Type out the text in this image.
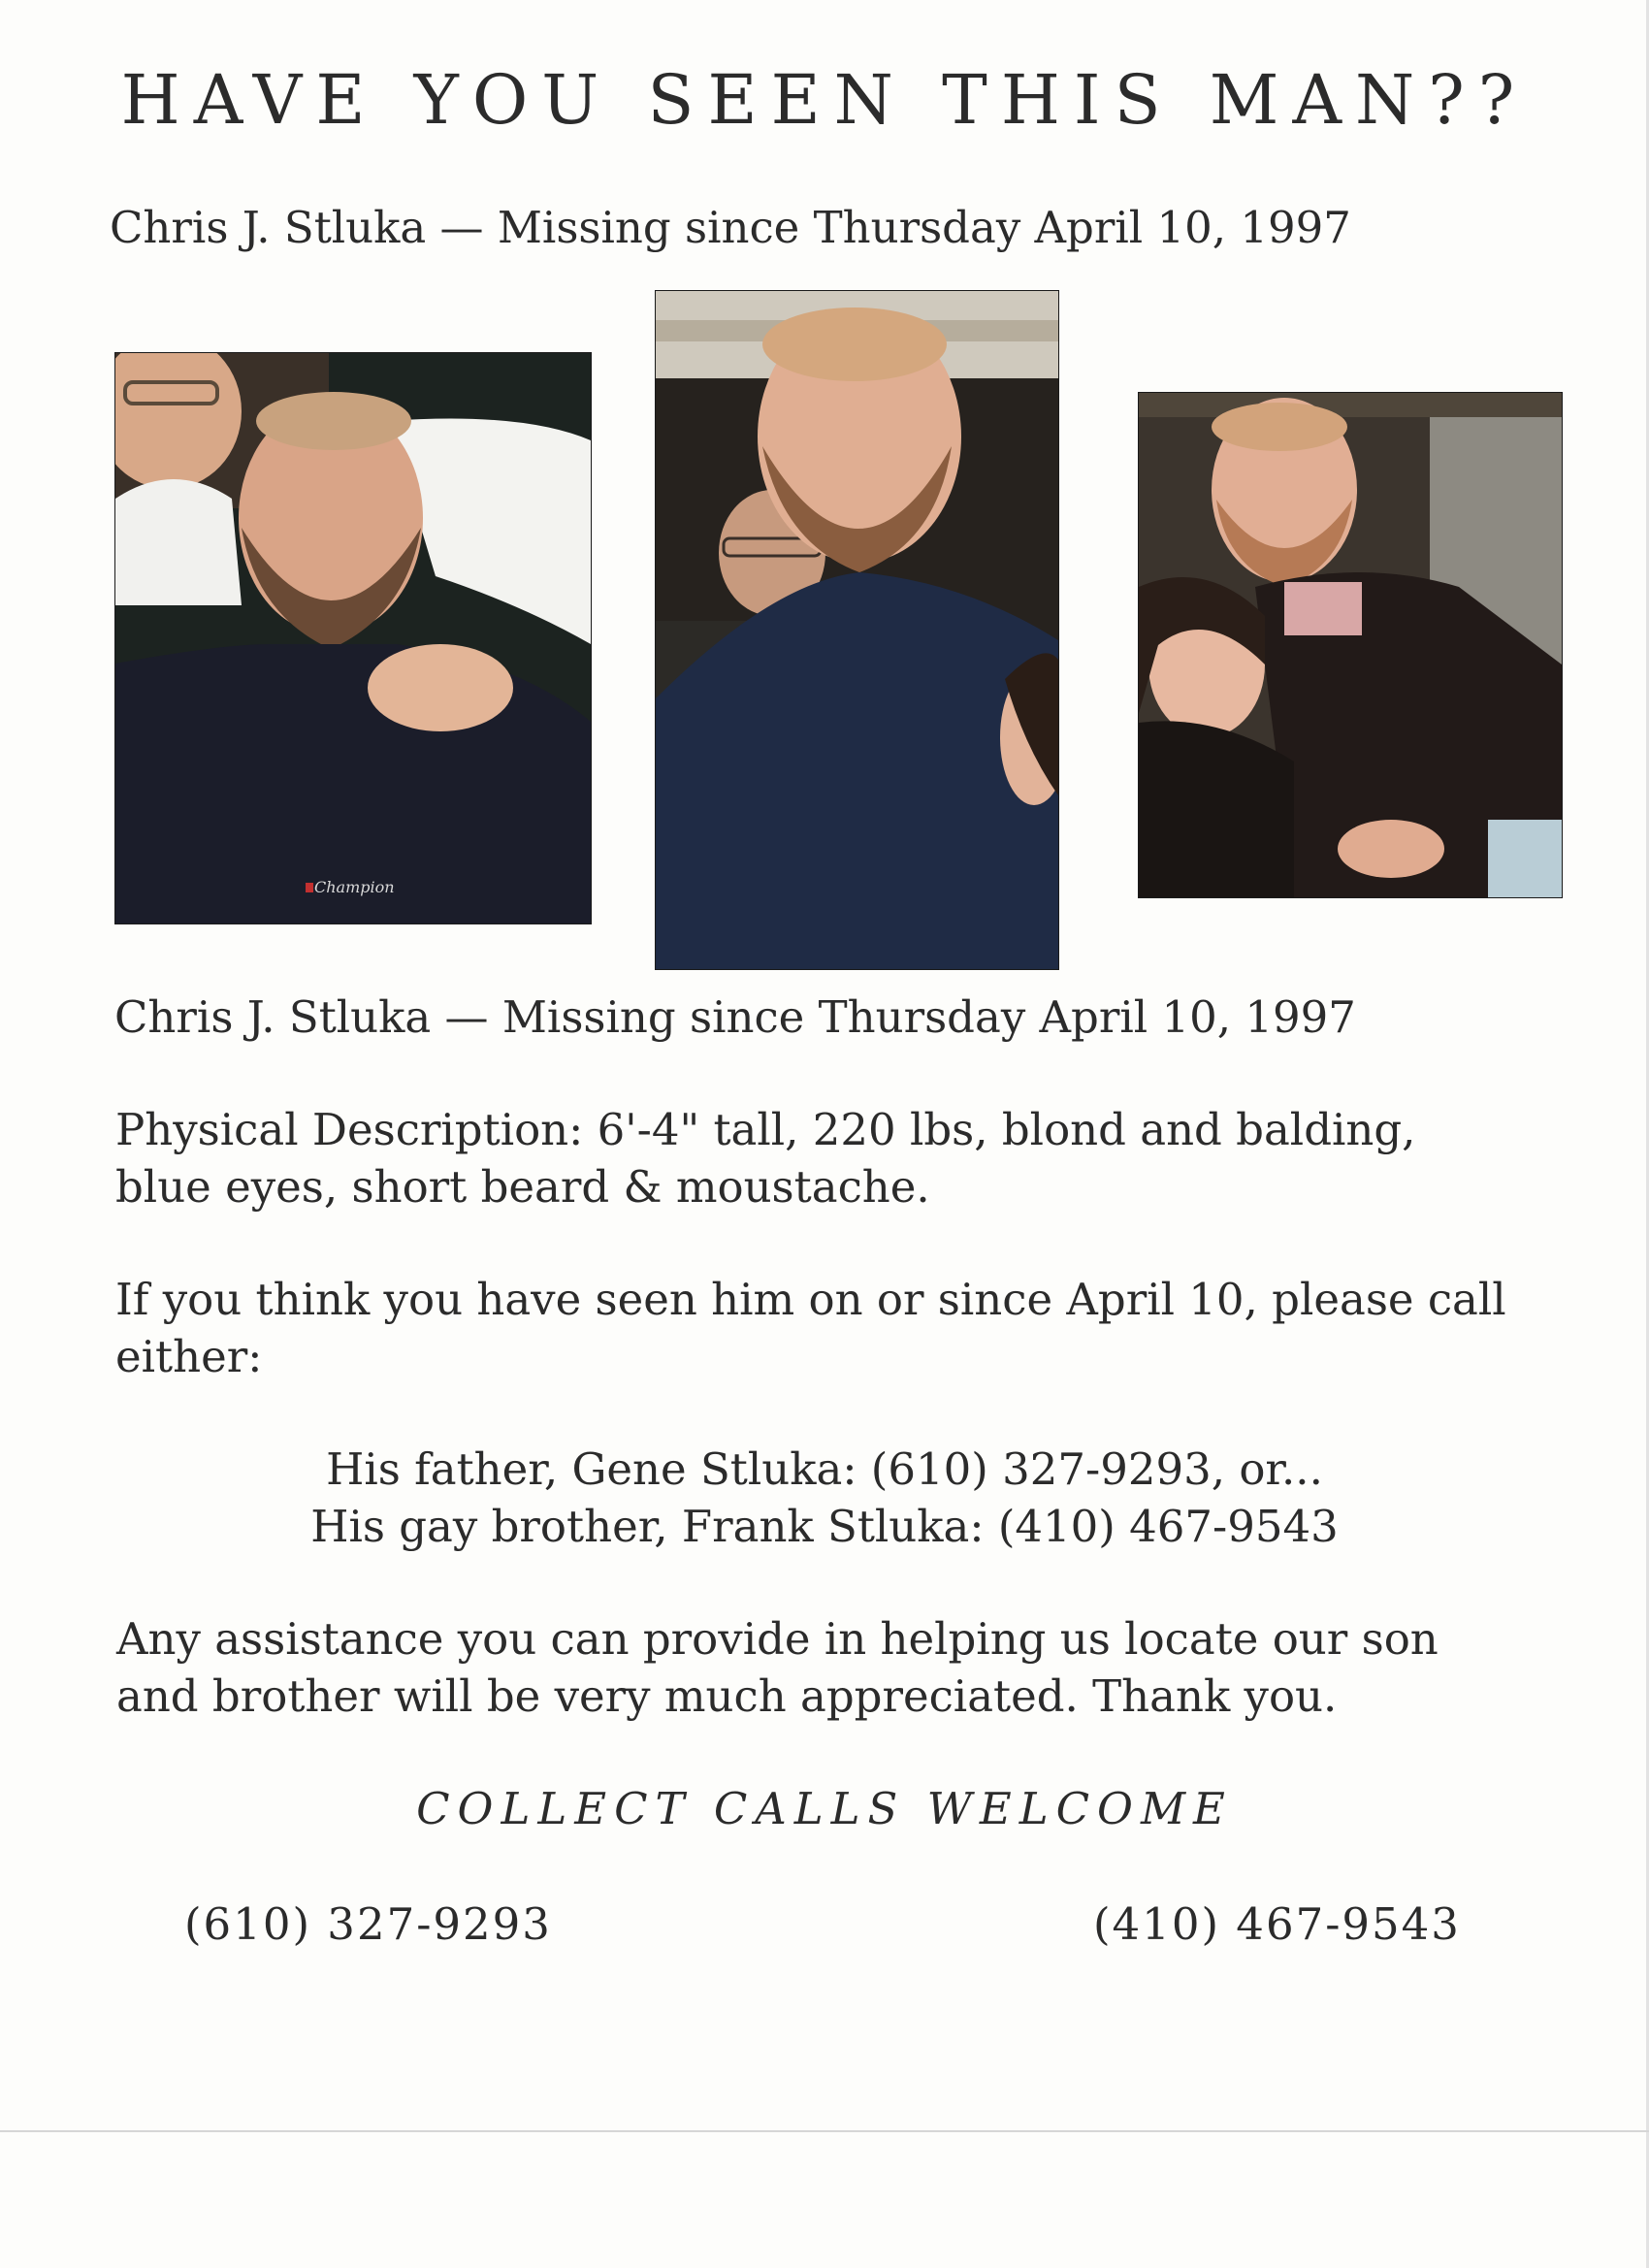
HAVE YOU SEEN THIS MAN??
Chris J. Stluka — Missing since Thursday April 10, 1997
Champion
Chris J. Stluka — Missing since Thursday April 10, 1997
Physical Description: 6'-4" tall, 220 lbs, blond and balding,
blue eyes, short beard & moustache.
If you think you have seen him on or since April 10, please call
either:
His father, Gene Stluka: (610) 327-9293, or...
His gay brother, Frank Stluka: (410) 467-9543
Any assistance you can provide in helping us locate our son
and brother will be very much appreciated. Thank you.
COLLECT CALLS WELCOME
(610) 327-9293	(410) 467-9543
